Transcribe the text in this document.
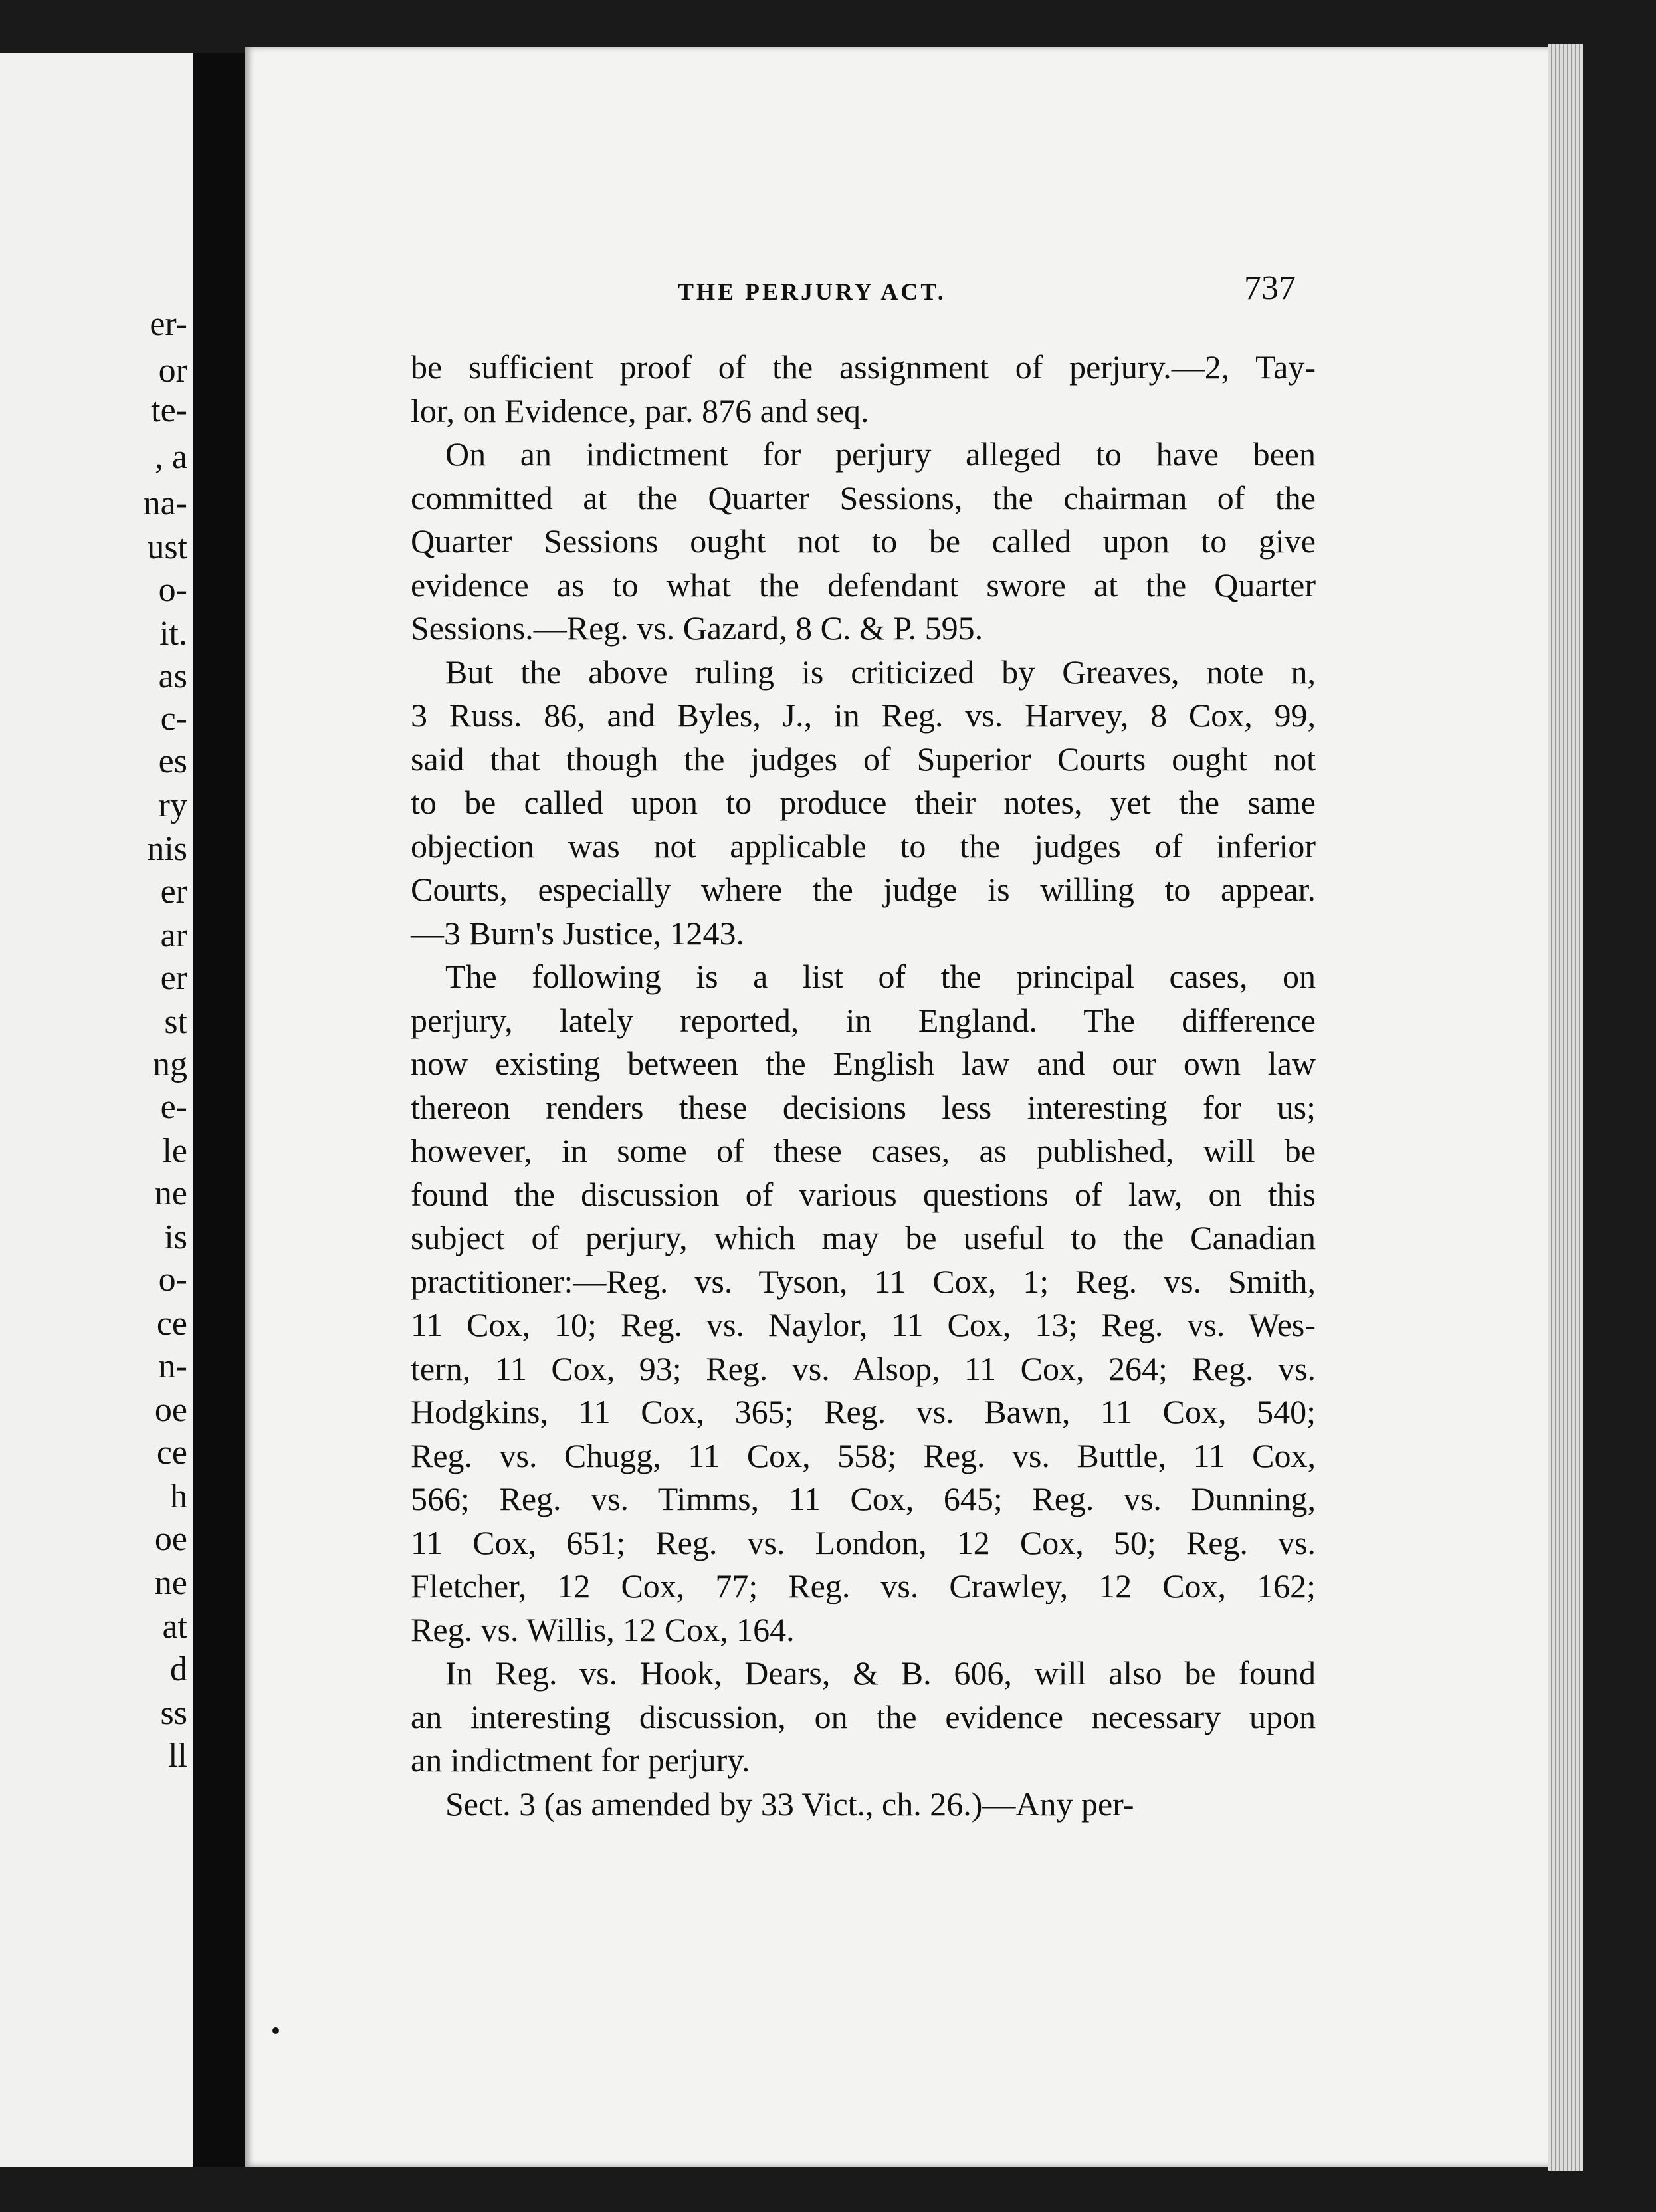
er-
or
te-
, a
na-
ust
o-
it.
as
c-
es
ry
nis
er
ar
er
st
ng
e-
le
ne
is
o-
ce
n-
oe
ce
h
oe
ne
at
d
ss
ll
THE PERJURY ACT.	737

be sufficient proof of the assignment of perjury.—2, Tay-
lor, on Evidence, par. 876 and seq.

On an indictment for perjury alleged to have been
committed at the Quarter Sessions, the chairman of the
Quarter Sessions ought not to be called upon to give
evidence as to what the defendant swore at the Quarter
Sessions.—Reg. vs. Gazard, 8 C. & P. 595.

But the above ruling is criticized by Greaves, note n,
3 Russ. 86, and Byles, J., in Reg. vs. Harvey, 8 Cox, 99,
said that though the judges of Superior Courts ought not
to be called upon to produce their notes, yet the same
objection was not applicable to the judges of inferior
Courts, especially where the judge is willing to appear.
—3 Burn's Justice, 1243.

The following is a list of the principal cases, on
perjury, lately reported, in England. The difference
now existing between the English law and our own law
thereon renders these decisions less interesting for us;
however, in some of these cases, as published, will be
found the discussion of various questions of law, on this
subject of perjury, which may be useful to the Canadian
practitioner:—Reg. vs. Tyson, 11 Cox, 1; Reg. vs. Smith,
11 Cox, 10; Reg. vs. Naylor, 11 Cox, 13; Reg. vs. Wes-
tern, 11 Cox, 93; Reg. vs. Alsop, 11 Cox, 264; Reg. vs.
Hodgkins, 11 Cox, 365; Reg. vs. Bawn, 11 Cox, 540;
Reg. vs. Chugg, 11 Cox, 558; Reg. vs. Buttle, 11 Cox,
566; Reg. vs. Timms, 11 Cox, 645; Reg. vs. Dunning,
11 Cox, 651; Reg. vs. London, 12 Cox, 50; Reg. vs.
Fletcher, 12 Cox, 77; Reg. vs. Crawley, 12 Cox, 162;
Reg. vs. Willis, 12 Cox, 164.

In Reg. vs. Hook, Dears, & B. 606, will also be found
an interesting discussion, on the evidence necessary upon
an indictment for perjury.

Sect. 3 (as amended by 33 Vict., ch. 26.)—Any per-
